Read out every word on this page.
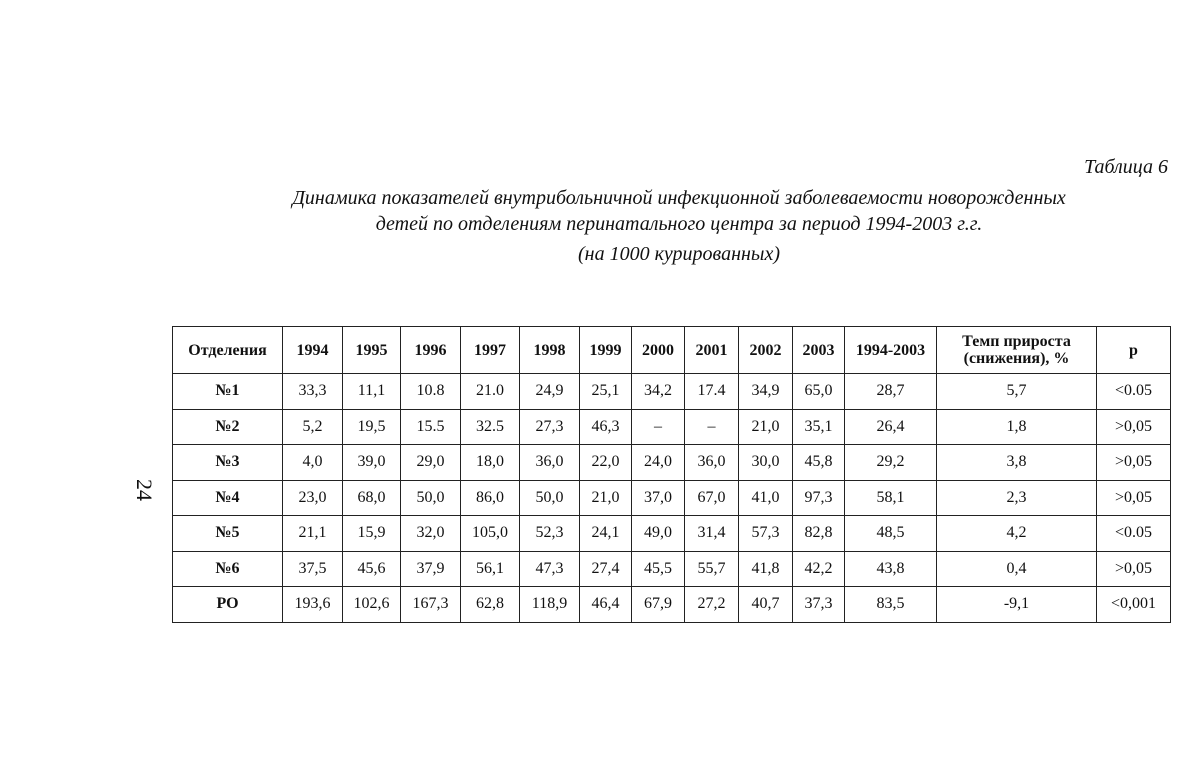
Таблица 6
Динамика показателей внутрибольничной инфекционной заболеваемости новорожденных
детей по отделениям перинатального центра за период 1994-2003 г.г.
(на 1000 курированных)
24
Отделения	1994	1995	1996	1997	1998	1999	2000	2001	2002	2003	1994-2003	Темп прироста (снижения), %	p
№1	33,3	11,1	10.8	21.0	24,9	25,1	34,2	17.4	34,9	65,0	28,7	5,7	<0.05
№2	5,2	19,5	15.5	32.5	27,3	46,3	–	–	21,0	35,1	26,4	1,8	>0,05
№3	4,0	39,0	29,0	18,0	36,0	22,0	24,0	36,0	30,0	45,8	29,2	3,8	>0,05
№4	23,0	68,0	50,0	86,0	50,0	21,0	37,0	67,0	41,0	97,3	58,1	2,3	>0,05
№5	21,1	15,9	32,0	105,0	52,3	24,1	49,0	31,4	57,3	82,8	48,5	4,2	<0.05
№6	37,5	45,6	37,9	56,1	47,3	27,4	45,5	55,7	41,8	42,2	43,8	0,4	>0,05
РО	193,6	102,6	167,3	62,8	118,9	46,4	67,9	27,2	40,7	37,3	83,5	-9,1	<0,001
